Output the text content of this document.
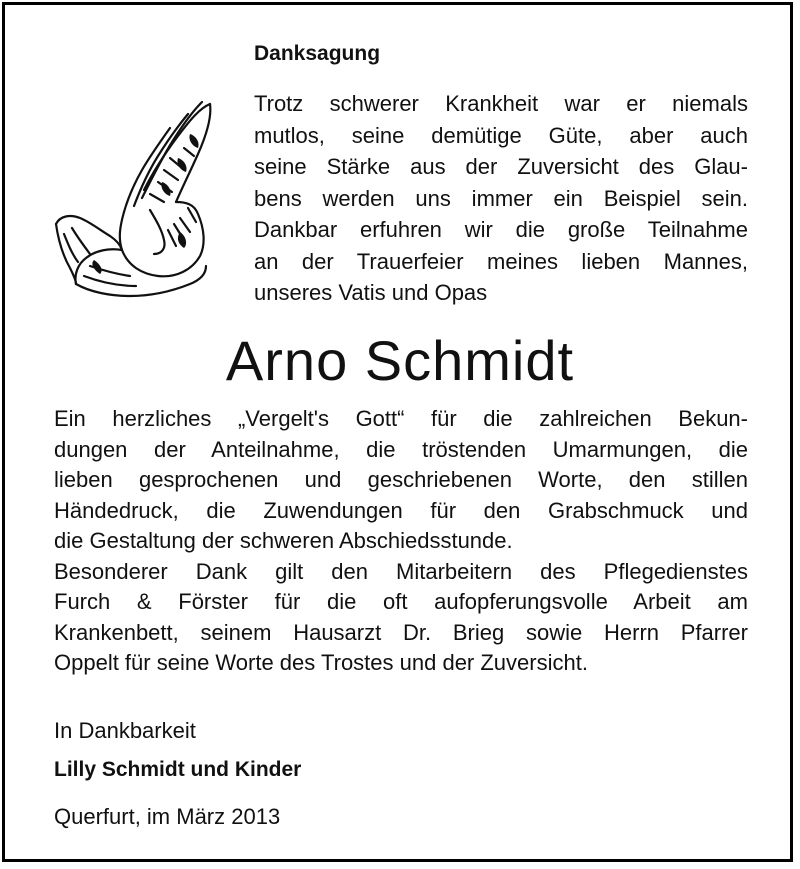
Danksagung
Trotz schwerer Krankheit war er niemals
mutlos, seine demütige Güte, aber auch
seine Stärke aus der Zuversicht des Glau-
bens werden uns immer ein Beispiel sein.
Dankbar erfuhren wir die große Teilnahme
an der Trauerfeier meines lieben Mannes,
unseres Vatis und Opas
Arno Schmidt
Ein herzliches „Vergelt's Gott“ für die zahlreichen Bekun-
dungen der Anteilnahme, die tröstenden Umarmungen, die
lieben gesprochenen und geschriebenen Worte, den stillen
Händedruck, die Zuwendungen für den Grabschmuck und
die Gestaltung der schweren Abschiedsstunde.
Besonderer Dank gilt den Mitarbeitern des Pflegedienstes
Furch & Förster für die oft aufopferungsvolle Arbeit am
Krankenbett, seinem Hausarzt Dr. Brieg sowie Herrn Pfarrer
Oppelt für seine Worte des Trostes und der Zuversicht.
In Dankbarkeit
Lilly Schmidt und Kinder
Querfurt, im März 2013
